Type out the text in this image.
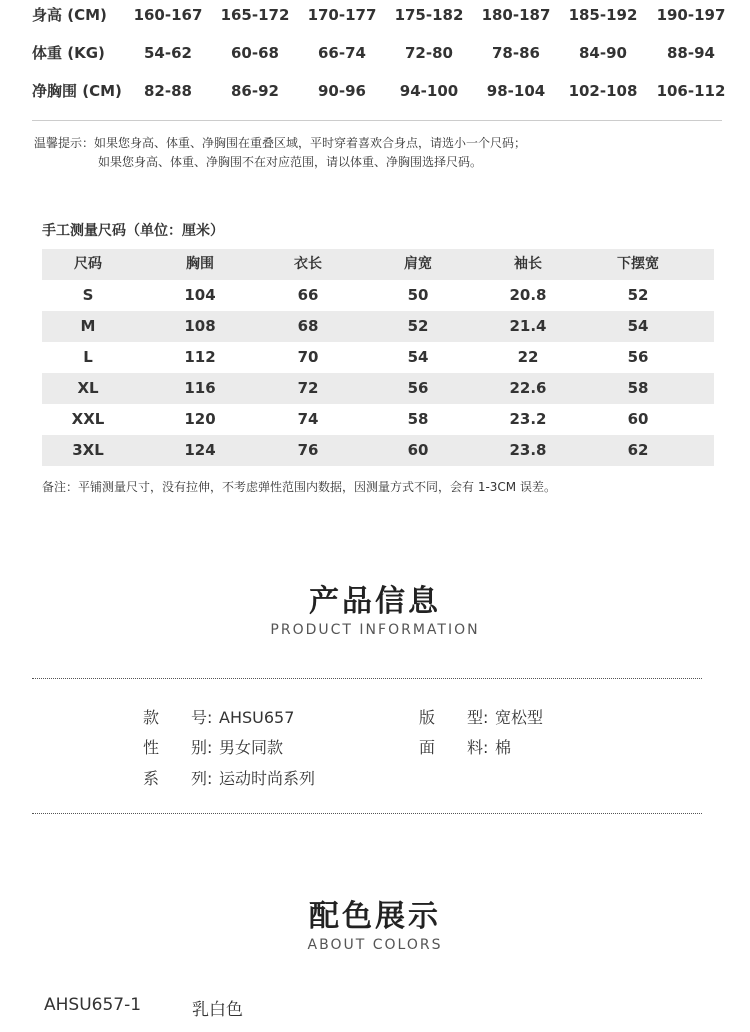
身高 (CM)	160-167	165-172	170-177	175-182	180-187	185-192	190-197
体重 (KG)	54-62	60-68	66-74	72-80	78-86	84-90	88-94
净胸围 (CM)	82-88	86-92	90-96	94-100	98-104	102-108	106-112
温馨提示：如果您身高、体重、净胸围在重叠区域，平时穿着喜欢合身点，请选小一个尺码；
如果您身高、体重、净胸围不在对应范围，请以体重、净胸围选择尺码。
手工测量尺码（单位：厘米）
尺码	胸围	衣长	肩宽	袖长	下摆宽
S	104	66	50	20.8	52
M	108	68	52	21.4	54
L	112	70	54	22	56
XL	116	72	56	22.6	58
XXL	120	74	58	23.2	60
3XL	124	76	60	23.8	62
备注：平铺测量尺寸，没有拉伸，不考虑弹性范围内数据，因测量方式不同，会有 1-3CM 误差。
产品信息
PRODUCT INFORMATION
款号: AHSU657	版型: 宽松型
性别: 男女同款	面料: 棉
系列: 运动时尚系列
配色展示
ABOUT COLORS
AHSU657-1	乳白色
